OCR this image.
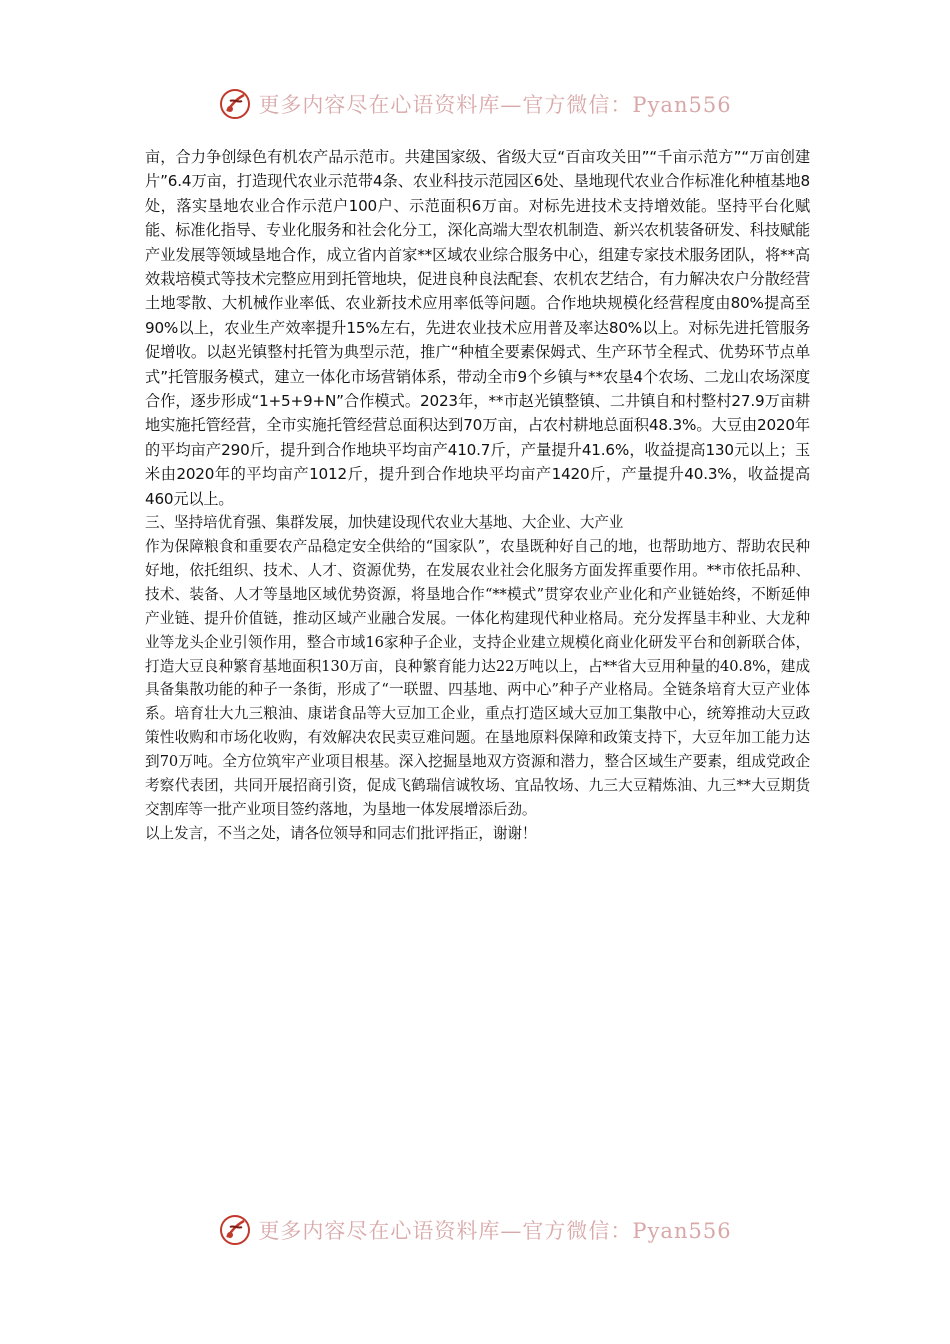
更多内容尽在心语资料库—官方微信：Pyan556

亩，合力争创绿色有机农产品示范市。共建国家级、省级大豆“百亩攻关田”“千亩示范方”“万亩创建片”6.4万亩，打造现代农业示范带4条、农业科技示范园区6处、垦地现代农业合作标准化种植基地8处，落实垦地农业合作示范户100户、示范面积6万亩。对标先进技术支持增效能。坚持平台化赋能、标准化指导、专业化服务和社会化分工，深化高端大型农机制造、新兴农机装备研发、科技赋能产业发展等领域垦地合作，成立省内首家**区域农业综合服务中心，组建专家技术服务团队，将**高效栽培模式等技术完整应用到托管地块，促进良种良法配套、农机农艺结合，有力解决农户分散经营土地零散、大机械作业率低、农业新技术应用率低等问题。合作地块规模化经营程度由80%提高至90%以上，农业生产效率提升15%左右，先进农业技术应用普及率达80%以上。对标先进托管服务促增收。以赵光镇整村托管为典型示范，推广“种植全要素保姆式、生产环节全程式、优势环节点单式”托管服务模式，建立一体化市场营销体系，带动全市9个乡镇与**农垦4个农场、二龙山农场深度合作，逐步形成“1+5+9+N”合作模式。2023年，**市赵光镇整镇、二井镇自和村整村27.9万亩耕地实施托管经营，全市实施托管经营总面积达到70万亩，占农村耕地总面积48.3%。大豆由2020年的平均亩产290斤，提升到合作地块平均亩产410.7斤，产量提升41.6%，收益提高130元以上；玉米由2020年的平均亩产1012斤，提升到合作地块平均亩产1420斤，产量提升40.3%，收益提高460元以上。

三、坚持培优育强、集群发展，加快建设现代农业大基地、大企业、大产业

作为保障粮食和重要农产品稳定安全供给的“国家队”，农垦既种好自己的地，也帮助地方、帮助农民种好地，依托组织、技术、人才、资源优势，在发展农业社会化服务方面发挥重要作用。**市依托品种、技术、装备、人才等垦地区域优势资源，将垦地合作“**模式”贯穿农业产业化和产业链始终，不断延伸产业链、提升价值链，推动区域产业融合发展。一体化构建现代种业格局。充分发挥垦丰种业、大龙种业等龙头企业引领作用，整合市域16家种子企业，支持企业建立规模化商业化研发平台和创新联合体，打造大豆良种繁育基地面积130万亩，良种繁育能力达22万吨以上，占**省大豆用种量的40.8%，建成具备集散功能的种子一条街，形成了“一联盟、四基地、两中心”种子产业格局。全链条培育大豆产业体系。培育壮大九三粮油、康诺食品等大豆加工企业，重点打造区域大豆加工集散中心，统筹推动大豆政策性收购和市场化收购，有效解决农民卖豆难问题。在垦地原料保障和政策支持下，大豆年加工能力达到70万吨。全方位筑牢产业项目根基。深入挖掘垦地双方资源和潜力，整合区域生产要素，组成党政企考察代表团，共同开展招商引资，促成飞鹤瑞信诚牧场、宜品牧场、九三大豆精炼油、九三**大豆期货交割库等一批产业项目签约落地，为垦地一体发展增添后劲。

以上发言，不当之处，请各位领导和同志们批评指正，谢谢！

更多内容尽在心语资料库—官方微信：Pyan556
